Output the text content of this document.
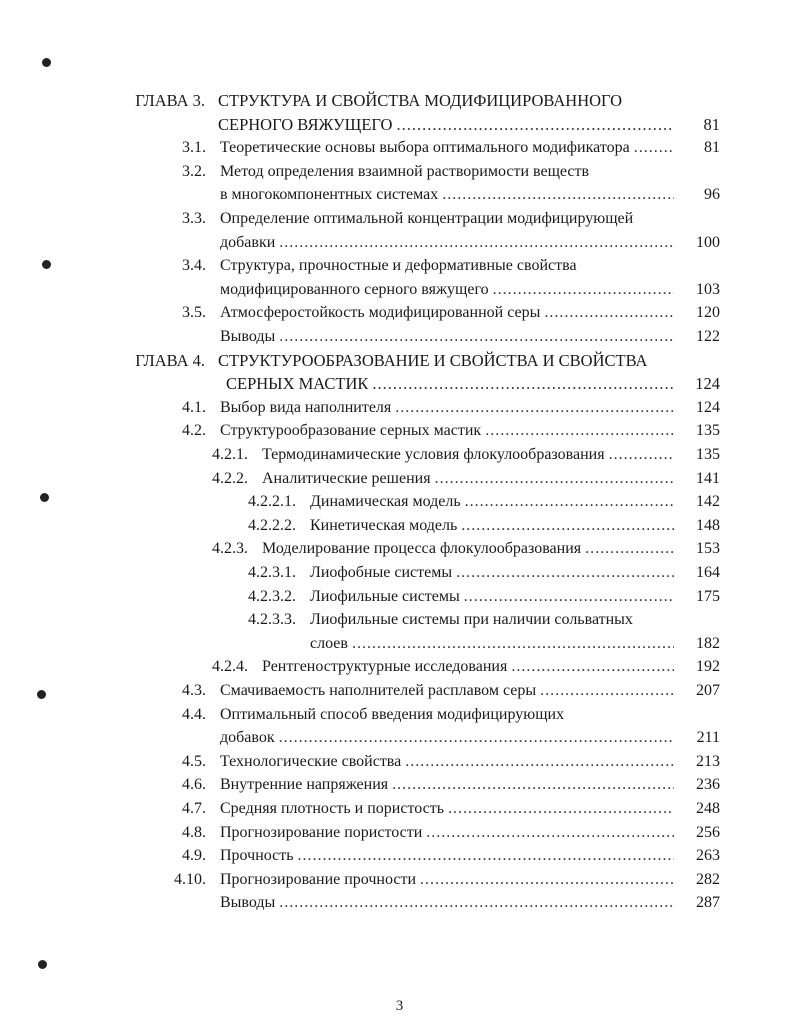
ГЛАВА 3. СТРУКТУРА И СВОЙСТВА МОДИФИЦИРОВАННОГО
СЕРНОГО ВЯЖУЩЕГО .....	81
3.1. Теоретические основы выбора оптимального модификатора .....	81
3.2. Метод определения взаимной растворимости веществ
в многокомпонентных системах .....	96
3.3. Определение оптимальной концентрации модифицирующей
добавки .....	100
3.4. Структура, прочностные и деформативные свойства
модифицированного серного вяжущего .....	103
3.5. Атмосферостойкость модифицированной серы .....	120
Выводы .....	122
ГЛАВА 4. СТРУКТУРООБРАЗОВАНИЕ И СВОЙСТВА И СВОЙСТВА
СЕРНЫХ МАСТИК .....	124
4.1. Выбор вида наполнителя .....	124
4.2. Структурообразование серных мастик .....	135
4.2.1. Термодинамические условия флокулообразования .....	135
4.2.2. Аналитические решения .....	141
4.2.2.1. Динамическая модель .....	142
4.2.2.2. Кинетическая модель .....	148
4.2.3. Моделирование процесса флокулообразования .....	153
4.2.3.1. Лиофобные системы .....	164
4.2.3.2. Лиофильные системы .....	175
4.2.3.3. Лиофильные системы при наличии сольватных
слоев .....	182
4.2.4. Рентгеноструктурные исследования .....	192
4.3. Смачиваемость наполнителей расплавом серы .....	207
4.4. Оптимальный способ введения модифицирующих
добавок .....	211
4.5. Технологические свойства .....	213
4.6. Внутренние напряжения .....	236
4.7. Средняя плотность и пористость .....	248
4.8. Прогнозирование пористости .....	256
4.9. Прочность .....	263
4.10. Прогнозирование прочности .....	282
Выводы .....	287
3
